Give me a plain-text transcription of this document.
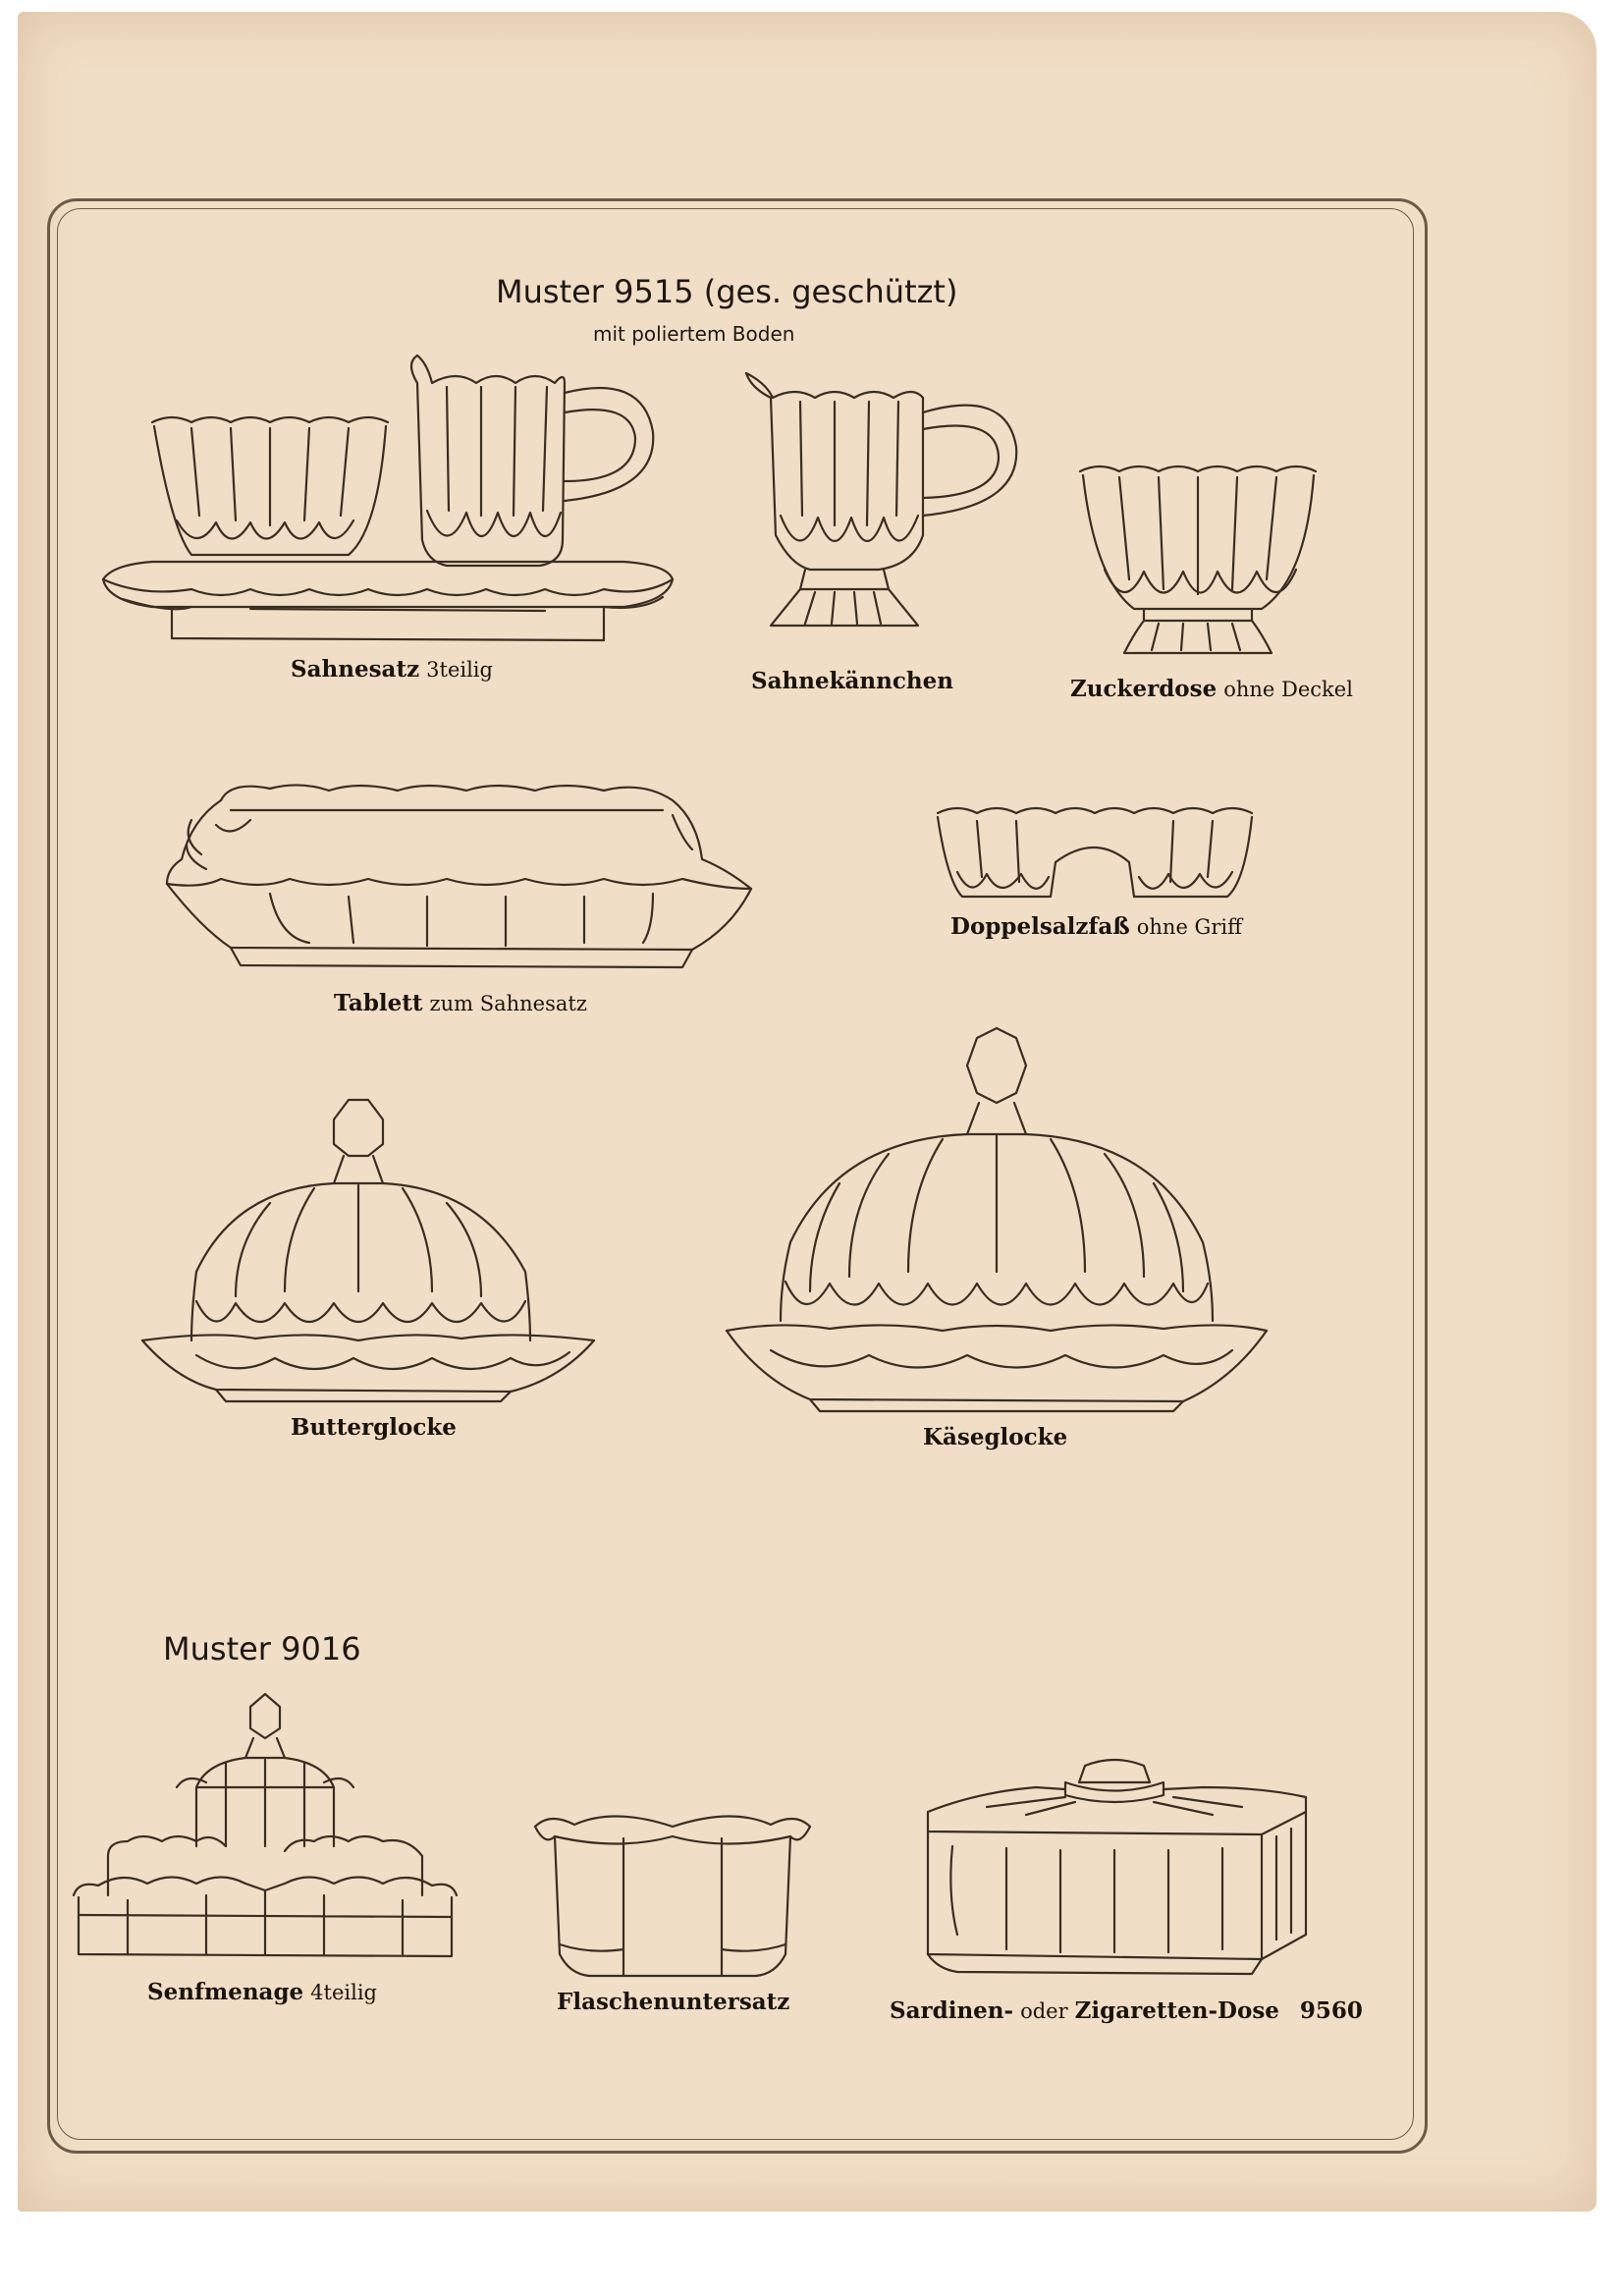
Muster 9515 (ges. geschützt)
mit poliertem Boden
Muster 9016
Sahnesatz 3teilig	Sahnekännchen	Zuckerdose ohne Deckel
Tablett zum Sahnesatz
Doppelsalzfaß ohne Griff
Butterglocke	Käseglocke
Senfmenage 4teilig	Flaschenuntersatz	Sardinen- oder Zigaretten-Dose 9560
